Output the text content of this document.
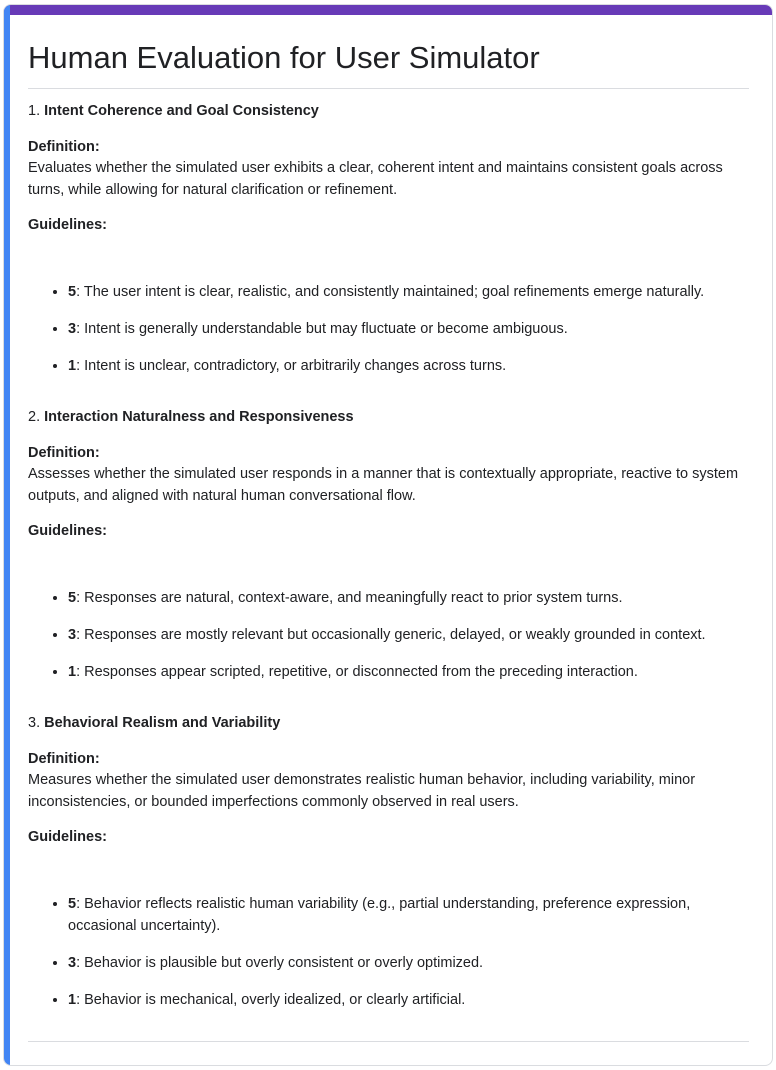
Human Evaluation for User Simulator

1. Intent Coherence and Goal Consistency

Definition:

Evaluates whether the simulated user exhibits a clear, coherent intent and maintains consistent goals across turns, while allowing for natural clarification or refinement.

Guidelines:

• 5: The user intent is clear, realistic, and consistently maintained; goal refinements emerge naturally.
• 3: Intent is generally understandable but may fluctuate or become ambiguous.
• 1: Intent is unclear, contradictory, or arbitrarily changes across turns.

2. Interaction Naturalness and Responsiveness

Definition:

Assesses whether the simulated user responds in a manner that is contextually appropriate, reactive to system outputs, and aligned with natural human conversational flow.

Guidelines:

• 5: Responses are natural, context-aware, and meaningfully react to prior system turns.
• 3: Responses are mostly relevant but occasionally generic, delayed, or weakly grounded in context.
• 1: Responses appear scripted, repetitive, or disconnected from the preceding interaction.

3. Behavioral Realism and Variability

Definition:

Measures whether the simulated user demonstrates realistic human behavior, including variability, minor inconsistencies, or bounded imperfections commonly observed in real users.

Guidelines:

• 5: Behavior reflects realistic human variability (e.g., partial understanding, preference expression, occasional uncertainty).
• 3: Behavior is plausible but overly consistent or overly optimized.
• 1: Behavior is mechanical, overly idealized, or clearly artificial.
